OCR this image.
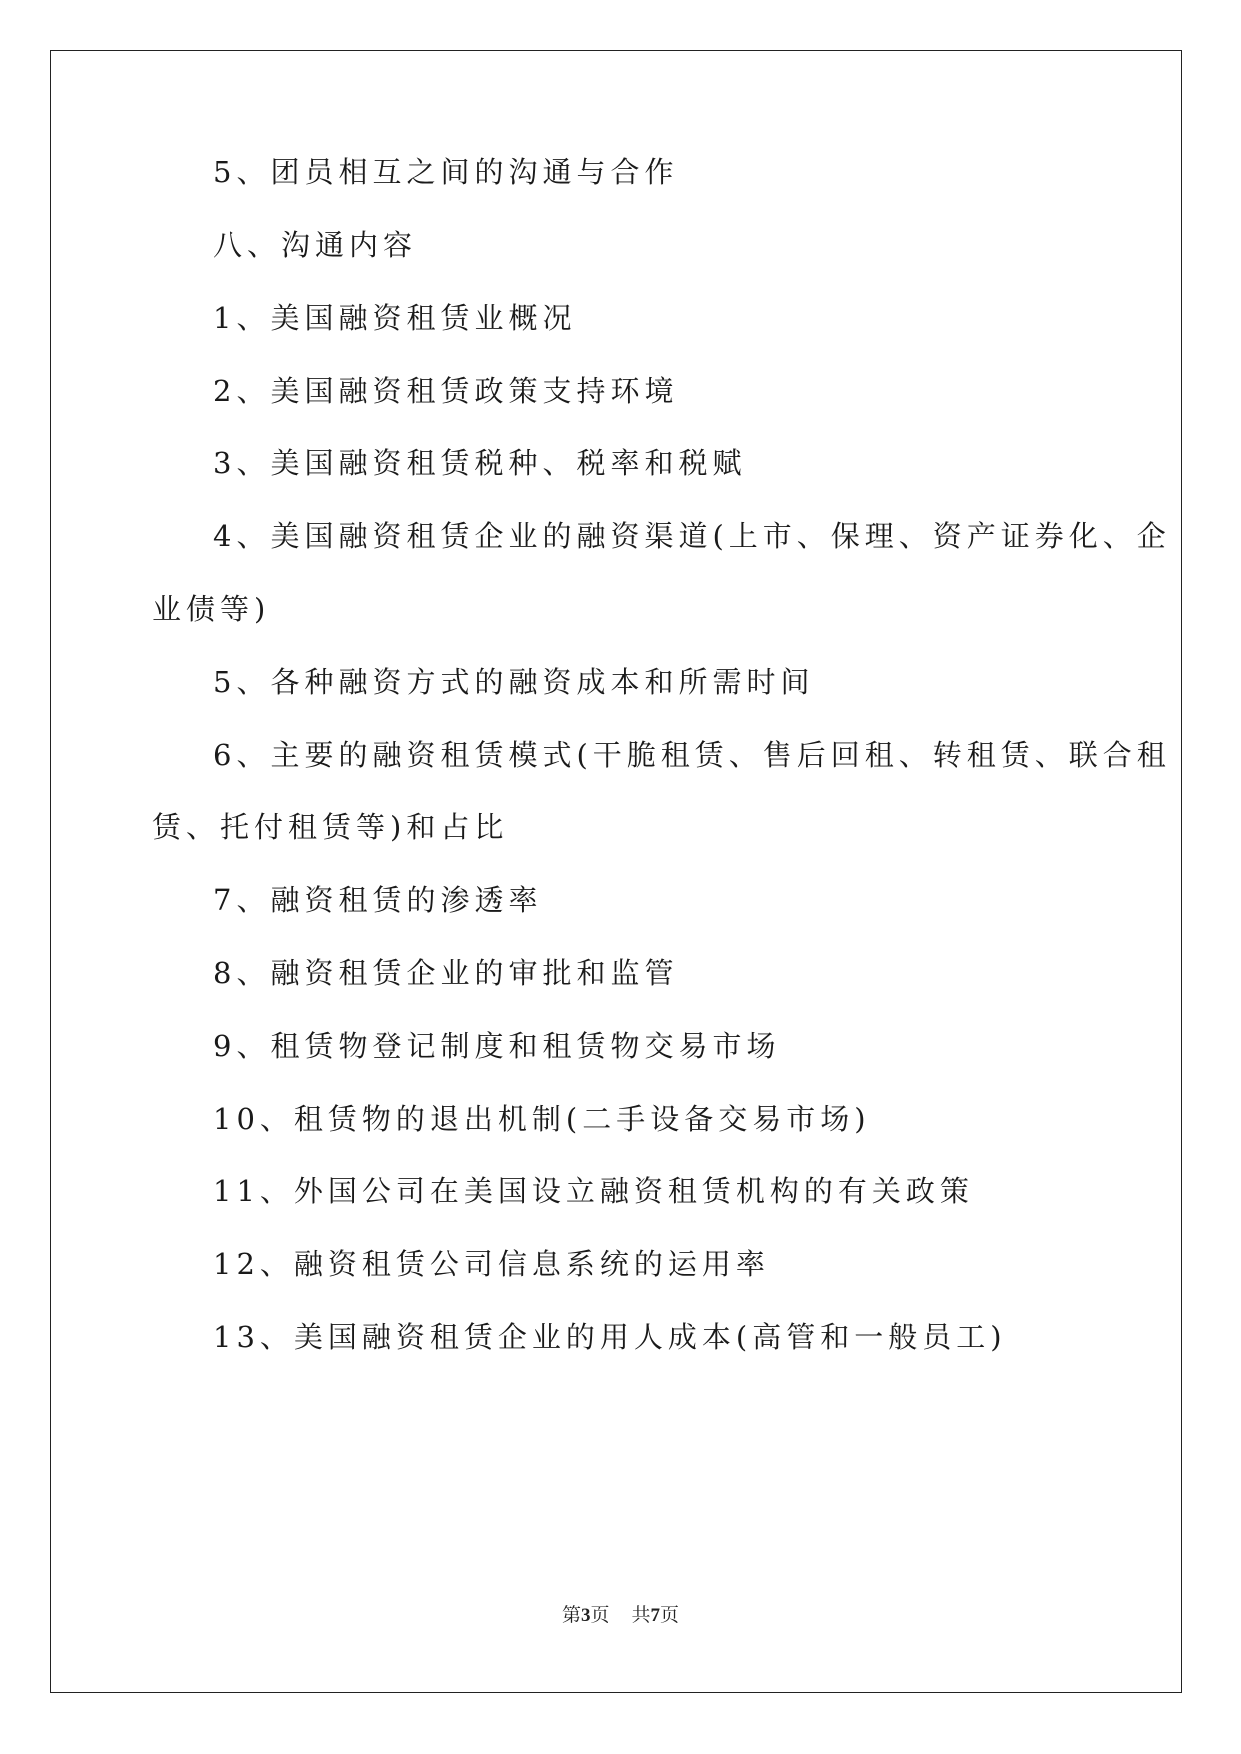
5、团员相互之间的沟通与合作
八、沟通内容
1、美国融资租赁业概况
2、美国融资租赁政策支持环境
3、美国融资租赁税种、税率和税赋
4、美国融资租赁企业的融资渠道(上市、保理、资产证券化、企
业债等)
5、各种融资方式的融资成本和所需时间
6、主要的融资租赁模式(干脆租赁、售后回租、转租赁、联合租
赁、托付租赁等)和占比
7、融资租赁的渗透率
8、融资租赁企业的审批和监管
9、租赁物登记制度和租赁物交易市场
10、租赁物的退出机制(二手设备交易市场)
11、外国公司在美国设立融资租赁机构的有关政策
12、融资租赁公司信息系统的运用率
13、美国融资租赁企业的用人成本(高管和一般员工)
第3页 共7页
